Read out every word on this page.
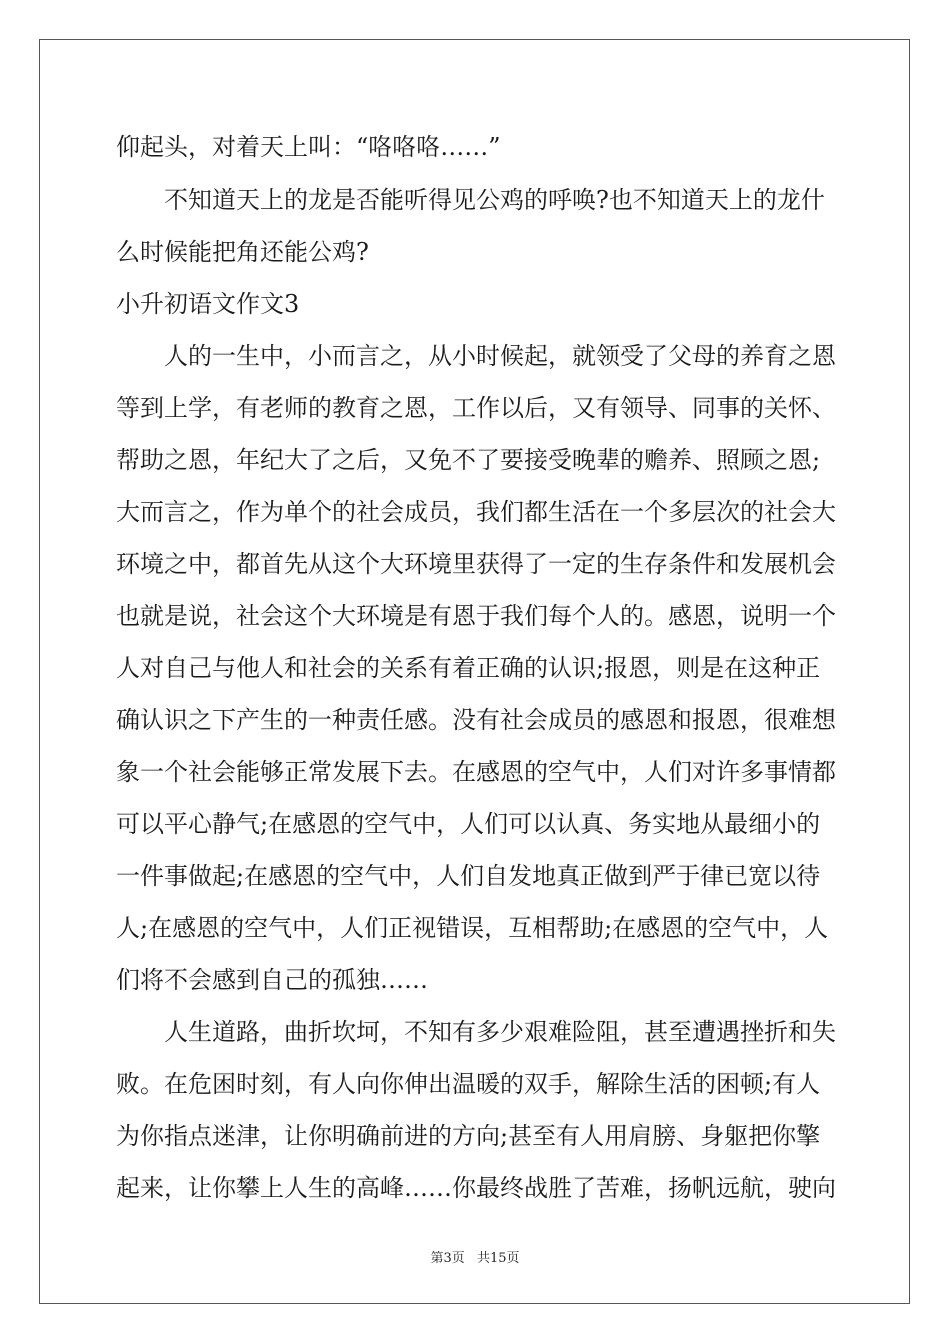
仰起头，对着天上叫：“咯咯咯……”
不知道天上的龙是否能听得见公鸡的呼唤?也不知道天上的龙什
么时候能把角还能公鸡?
小升初语文作文3
人的一生中，小而言之，从小时候起，就领受了父母的养育之恩
等到上学，有老师的教育之恩，工作以后，又有领导、同事的关怀、
帮助之恩，年纪大了之后，又免不了要接受晚辈的赡养、照顾之恩;
大而言之，作为单个的社会成员，我们都生活在一个多层次的社会大
环境之中，都首先从这个大环境里获得了一定的生存条件和发展机会
也就是说，社会这个大环境是有恩于我们每个人的。感恩，说明一个
人对自己与他人和社会的关系有着正确的认识;报恩，则是在这种正
确认识之下产生的一种责任感。没有社会成员的感恩和报恩，很难想
象一个社会能够正常发展下去。在感恩的空气中，人们对许多事情都
可以平心静气;在感恩的空气中，人们可以认真、务实地从最细小的
一件事做起;在感恩的空气中，人们自发地真正做到严于律已宽以待
人;在感恩的空气中，人们正视错误，互相帮助;在感恩的空气中，人
们将不会感到自己的孤独……
人生道路，曲折坎坷，不知有多少艰难险阻，甚至遭遇挫折和失
败。在危困时刻，有人向你伸出温暖的双手，解除生活的困顿;有人
为你指点迷津，让你明确前进的方向;甚至有人用肩膀、身躯把你擎
起来，让你攀上人生的高峰……你最终战胜了苦难，扬帆远航，驶向
第3页 共15页
